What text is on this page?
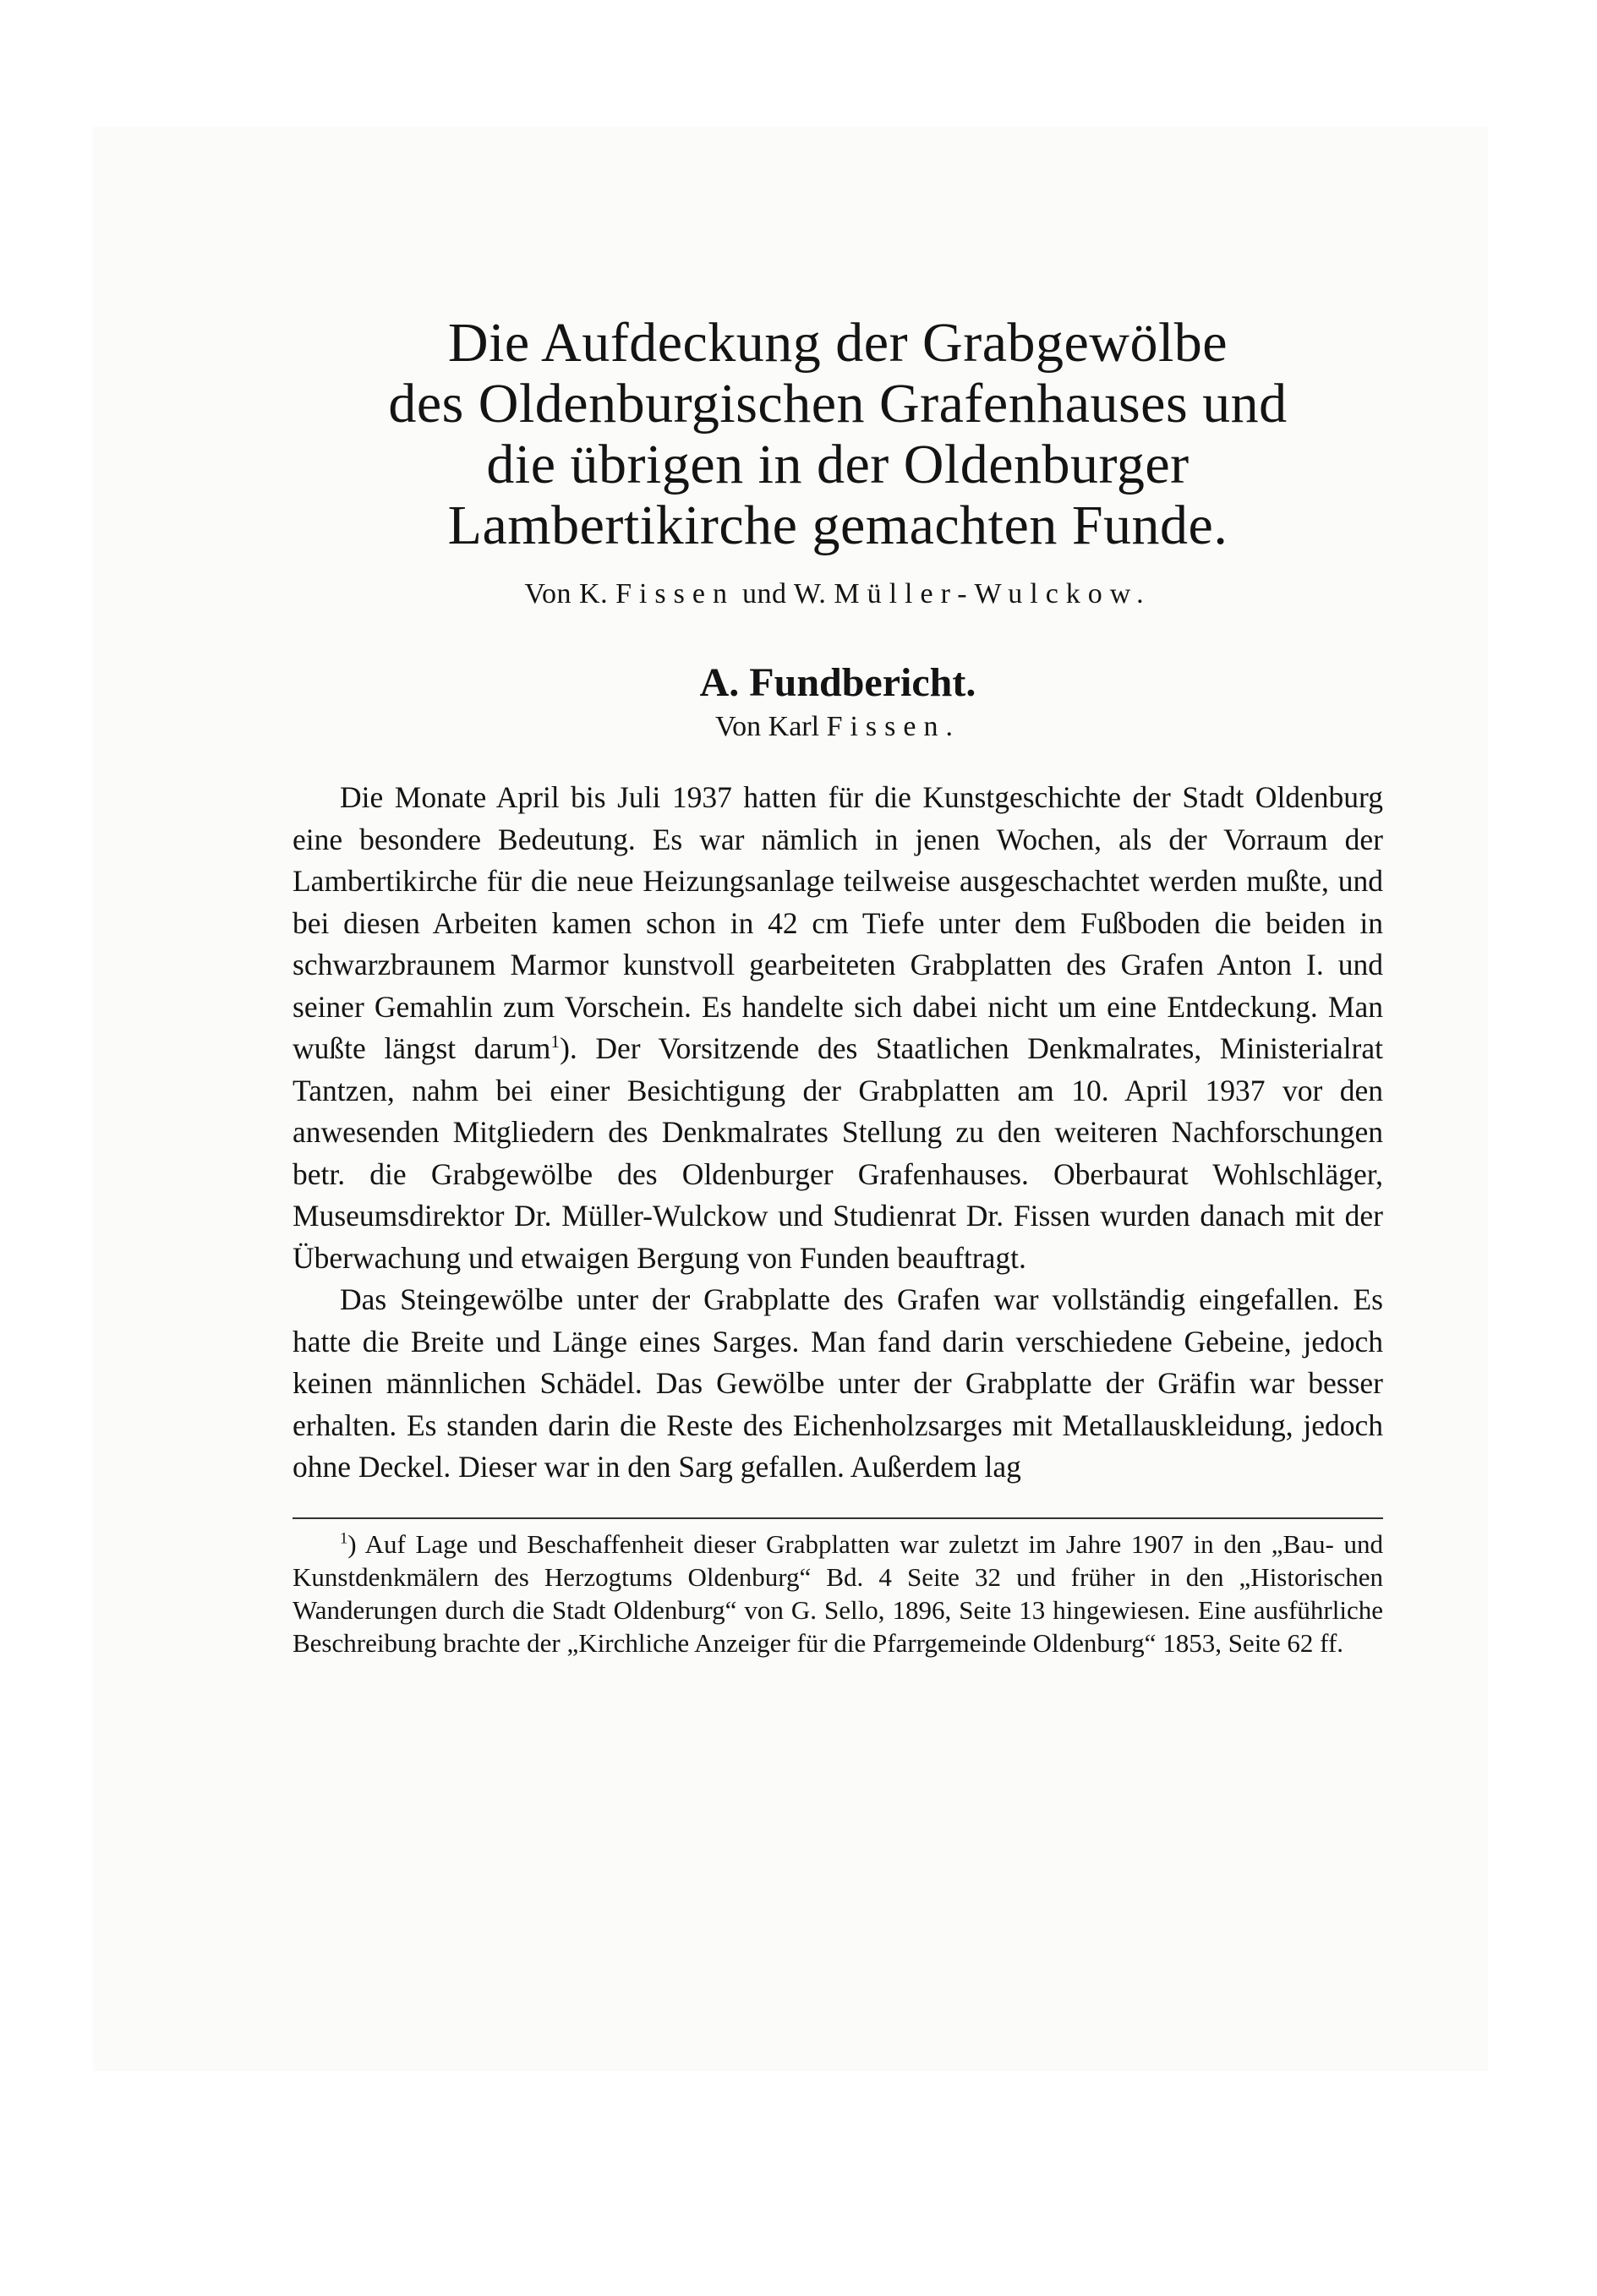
Die Aufdeckung der Grabgewölbe
des Oldenburgischen Grafenhauses und
die übrigen in der Oldenburger
Lambertikirche gemachten Funde.
Von K. Fissen und W. Müller-Wulckow.
A. Fundbericht.
Von Karl Fissen.

Die Monate April bis Juli 1937 hatten für die Kunstgeschichte der Stadt Oldenburg eine besondere Bedeutung. Es war nämlich in jenen Wochen, als der Vorraum der Lambertikirche für die neue Heizungsanlage teilweise ausgeschachtet werden mußte, und bei diesen Arbeiten kamen schon in 42 cm Tiefe unter dem Fußboden die beiden in schwarzbraunem Marmor kunstvoll gearbeiteten Grabplatten des Grafen Anton I. und seiner Gemahlin zum Vorschein. Es handelte sich dabei nicht um eine Entdeckung. Man wußte längst darum$^1$). Der Vorsitzende des Staatlichen Denkmalrates, Ministerialrat Tantzen, nahm bei einer Besichtigung der Grabplatten am 10. April 1937 vor den anwesenden Mitgliedern des Denkmalrates Stellung zu den weiteren Nachforschungen betr. die Grabgewölbe des Oldenburger Grafenhauses. Oberbaurat Wohlschläger, Museumsdirektor Dr. Müller-Wulckow und Studienrat Dr. Fissen wurden danach mit der Überwachung und etwaigen Bergung von Funden beauftragt.

Das Steingewölbe unter der Grabplatte des Grafen war vollständig eingefallen. Es hatte die Breite und Länge eines Sarges. Man fand darin verschiedene Gebeine, jedoch keinen männlichen Schädel. Das Gewölbe unter der Grabplatte der Gräfin war besser erhalten. Es standen darin die Reste des Eichenholzsarges mit Metallauskleidung, jedoch ohne Deckel. Dieser war in den Sarg gefallen. Außerdem lag

$^1$) Auf Lage und Beschaffenheit dieser Grabplatten war zuletzt im Jahre 1907 in den „Bau- und Kunstdenkmälern des Herzogtums Oldenburg“ Bd. 4 Seite 32 und früher in den „Historischen Wanderungen durch die Stadt Oldenburg“ von G. Sello, 1896, Seite 13 hingewiesen. Eine ausführliche Beschreibung brachte der „Kirchliche Anzeiger für die Pfarrgemeinde Oldenburg“ 1853, Seite 62 ff.
